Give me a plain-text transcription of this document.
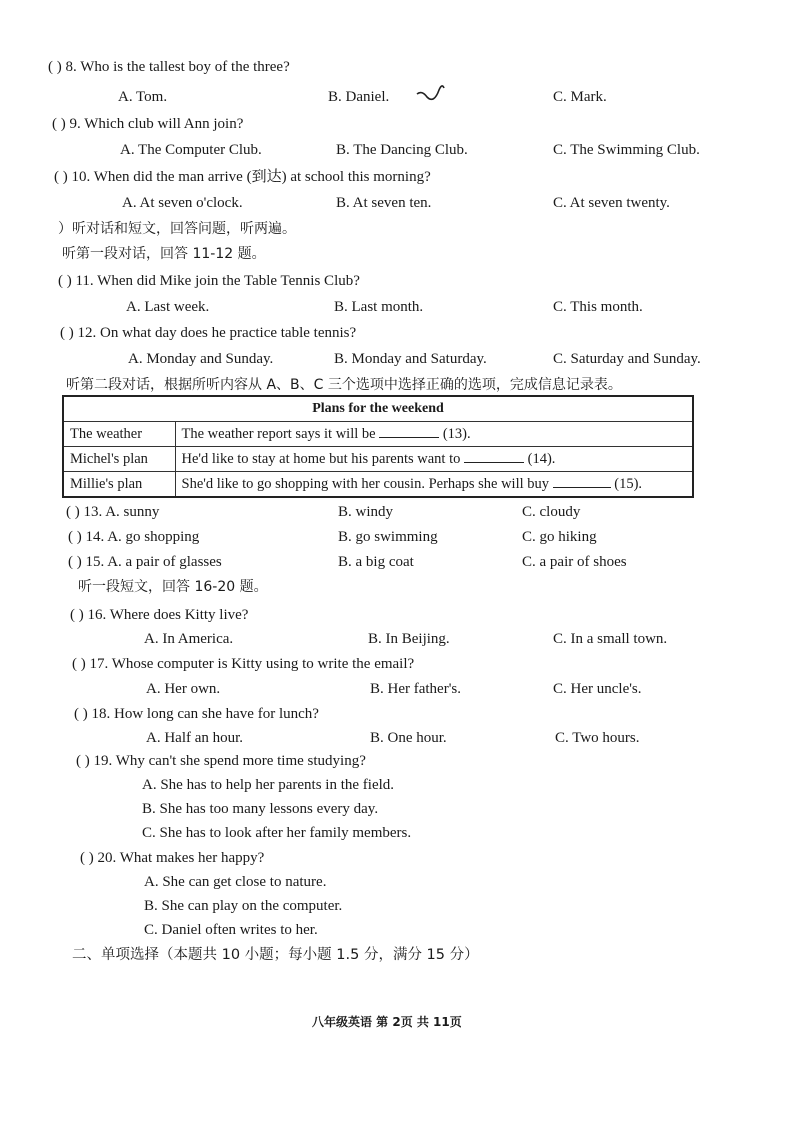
( ) 8. Who is the tallest boy of the three?
A. Tom.	B. Daniel.	C. Mark.
( ) 9. Which club will Ann join?
A. The Computer Club.	B. The Dancing Club.	C. The Swimming Club.
( ) 10. When did the man arrive (到达) at school this morning?
A. At seven o'clock.	B. At seven ten.	C. At seven twenty.
）听对话和短文，回答问题，听两遍。
听第一段对话，回答 11-12 题。
( ) 11. When did Mike join the Table Tennis Club?
A. Last week.	B. Last month.	C. This month.
( ) 12. On what day does he practice table tennis?
A. Monday and Sunday.	B. Monday and Saturday.	C. Saturday and Sunday.
听第二段对话，根据所听内容从 A、B、C 三个选项中选择正确的选项，完成信息记录表。
Plans for the weekend	
The weather	The weather report says it will be (13).
Michel's plan	He'd like to stay at home but his parents want to (14).
Millie's plan	She'd like to go shopping with her cousin. Perhaps she will buy (15).
( ) 13. A. sunny	B. windy	C. cloudy
( ) 14. A. go shopping	B. go swimming	C. go hiking
( ) 15. A. a pair of glasses	B. a big coat	C. a pair of shoes
听一段短文，回答 16-20 题。
( ) 16. Where does Kitty live?
A. In America.	B. In Beijing.	C. In a small town.
( ) 17. Whose computer is Kitty using to write the email?
A. Her own.	B. Her father's.	C. Her uncle's.
( ) 18. How long can she have for lunch?
A. Half an hour.	B. One hour.	C. Two hours.
( ) 19. Why can't she spend more time studying?
A. She has to help her parents in the field.
B. She has too many lessons every day.
C. She has to look after her family members.
( ) 20. What makes her happy?
A. She can get close to nature.
B. She can play on the computer.
C. Daniel often writes to her.
二、单项选择（本题共 10 小题；每小题 1.5 分，满分 15 分）
八年级英语 第 2页 共 11页
